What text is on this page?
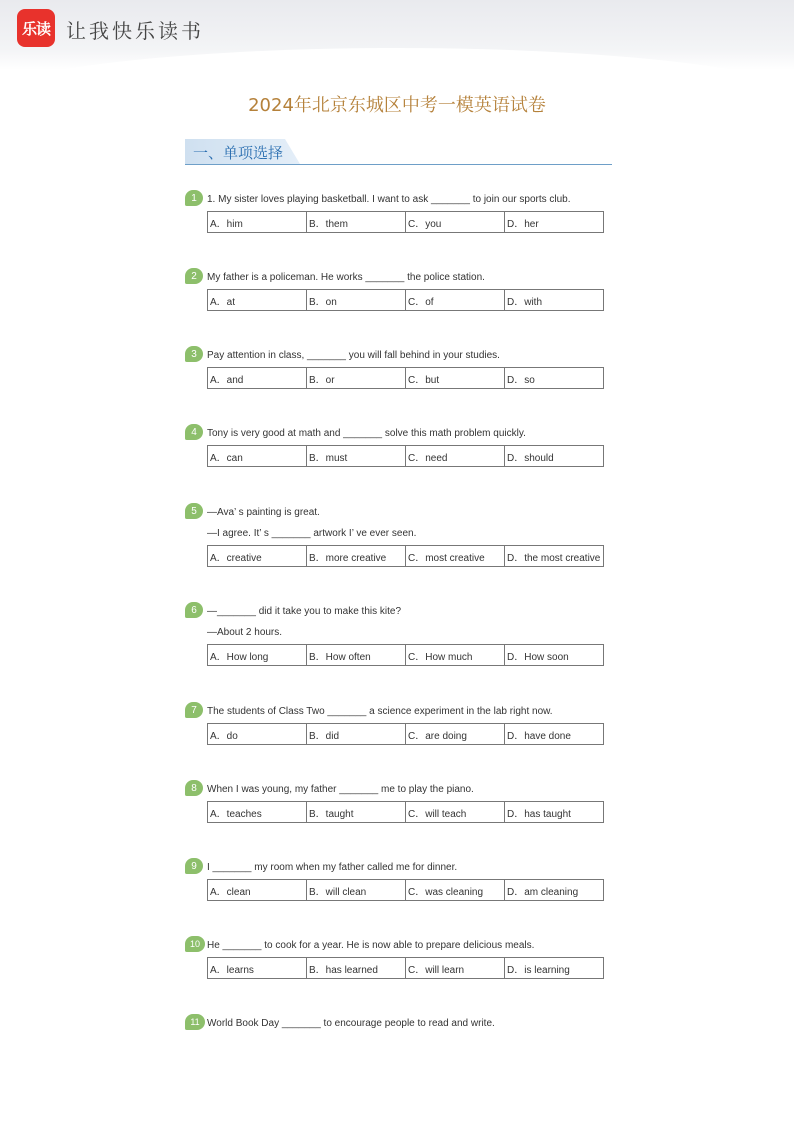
乐读 让我快乐读书
2024年北京东城区中考一模英语试卷
一、单项选择
1	1. My sister loves playing basketball. I want to ask _______ to join our sports club.
A．him	B．them	C．you	D．her
2	My father is a policeman. He works _______ the police station.
A．at	B．on	C．of	D．with
3	Pay attention in class, _______ you will fall behind in your studies.
A．and	B．or	C．but	D．so
4	Tony is very good at math and _______ solve this math problem quickly.
A．can	B．must	C．need	D．should
5	—Ava’ s painting is great.
—I agree. It’ s _______ artwork I’ ve ever seen.
A．creative	B．more creative	C．most creative	D．the most creative
6	—_______ did it take you to make this kite?
—About 2 hours.
A．How long	B．How often	C．How much	D．How soon
7	The students of Class Two _______ a science experiment in the lab right now.
A．do	B．did	C．are doing	D．have done
8	When I was young, my father _______ me to play the piano.
A．teaches	B．taught	C．will teach	D．has taught
9	I _______ my room when my father called me for dinner.
A．clean	B．will clean	C．was cleaning	D．am cleaning
10 He _______ to cook for a year. He is now able to prepare delicious meals.
A．learns	B．has learned	C．will learn	D．is learning
11 World Book Day _______ to encourage people to read and write.
